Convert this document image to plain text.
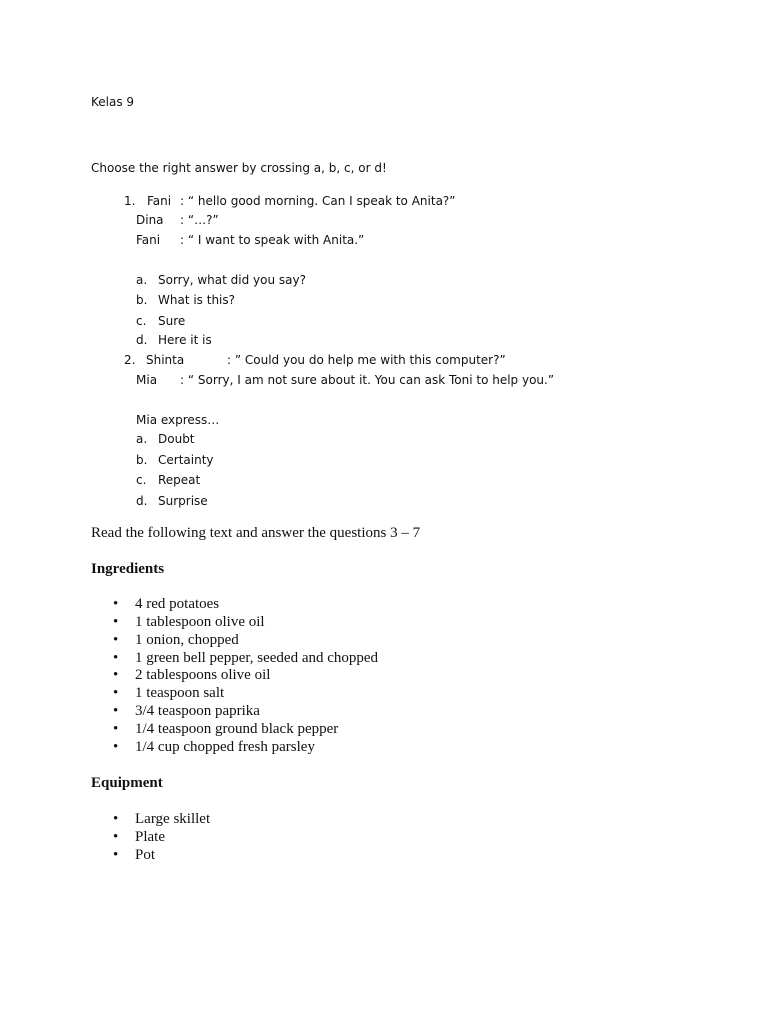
Kelas 9
Choose the right answer by crossing a, b, c, or d!
1. Fani : “ hello good morning. Can I speak to Anita?”
Dina : “…?”
Fani : “ I want to speak with Anita.”
a. Sorry, what did you say?
b. What is this?
c. Sure
d. Here it is
2. Shinta	: ” Could you do help me with this computer?”
Mia : “ Sorry, I am not sure about it. You can ask Toni to help you.”
Mia express…
a. Doubt
b. Certainty
c. Repeat
d. Surprise
Read the following text and answer the questions 3 – 7
Ingredients
• 4 red potatoes
• 1 tablespoon olive oil
• 1 onion, chopped
• 1 green bell pepper, seeded and chopped
• 2 tablespoons olive oil
• 1 teaspoon salt
• 3/4 teaspoon paprika
• 1/4 teaspoon ground black pepper
• 1/4 cup chopped fresh parsley
Equipment
• Large skillet
• Plate
• Pot
